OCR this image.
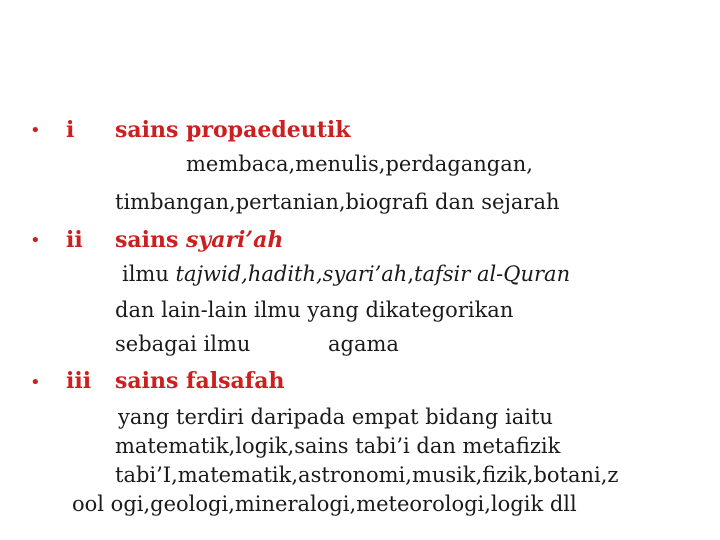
• i sains propaedeutik
membaca,menulis,perdagangan,
timbangan,pertanian,biografi dan sejarah
• ii sains syari’ah
ilmu tajwid,hadith,syari’ah,tafsir al-Quran
dan lain-lain ilmu yang dikategorikan
sebagai ilmu	agama
• iii sains falsafah
yang terdiri daripada empat bidang iaitu
matematik,logik,sains tabi’i dan metafizik
tabi’I,matematik,astronomi,musik,fizik,botani,z
ool ogi,geologi,mineralogi,meteorologi,logik dll
